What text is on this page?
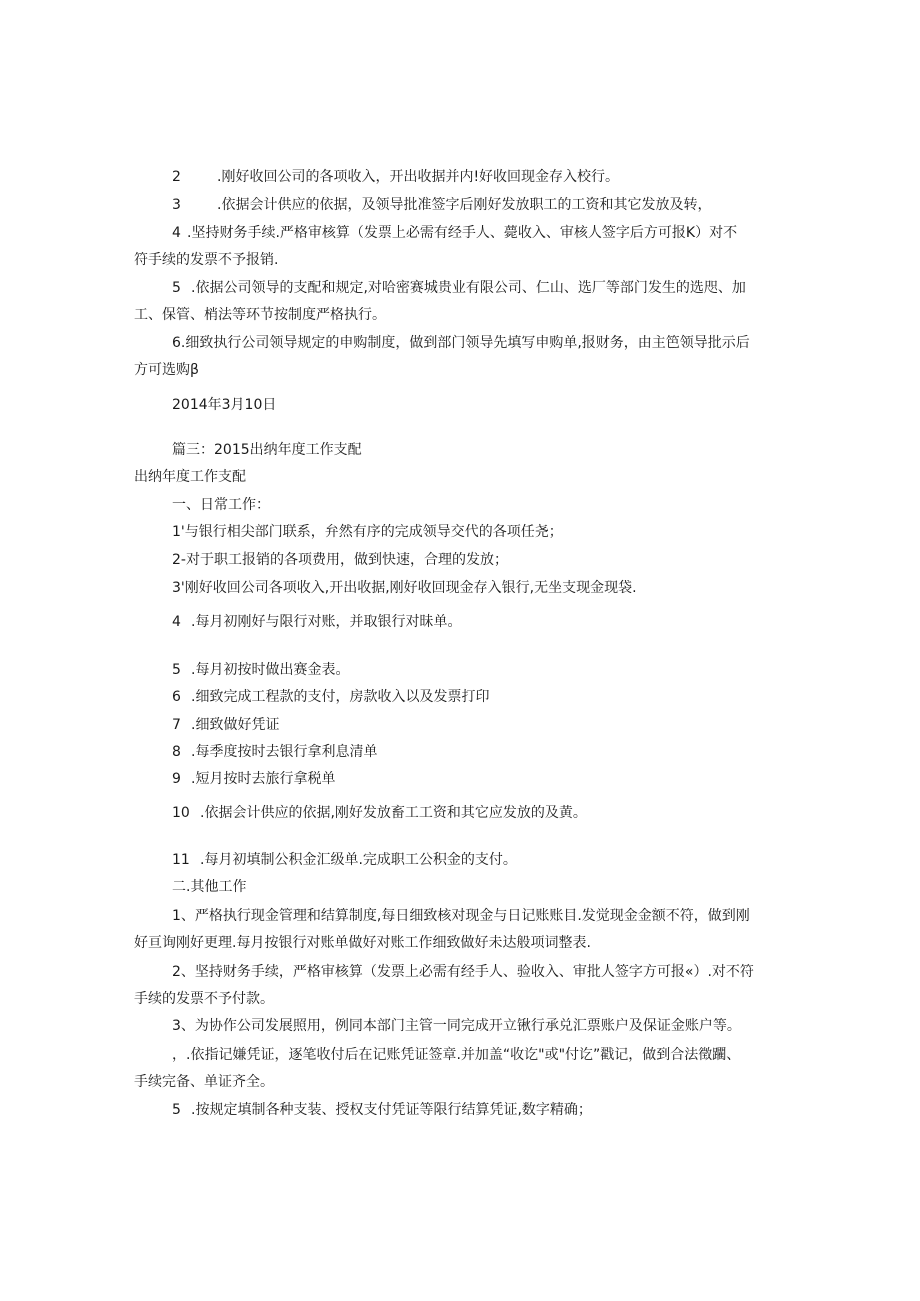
2	.刚好收回公司的各项收入，开出收据并内!好收回现金存入校行。
3	.依据会计供应的依据，及领导批准签字后刚好发放职工的工资和其它发放及转，
4 .坚持财务手续.严格审核算（发票上必需有经手人、薨收入、审核人签字后方可报K）对不
符手续的发票不予报销.
5 .依据公司领导的支配和规定,对哈密赛城贵业有限公司、仁山、选厂等部门发生的选咫、加
工、保管、梢法等环节按制度严格执行。
6.细致执行公司领导规定的申购制度，做到部门领导先填写申购单,报财务，由主笆领导批示后
方可选购β
2014年3月10日
篇三：2015出纳年度工作支配
出纳年度工作支配
一、日常工作：
1'与银行相尖部门联系，弁然有序的完成领导交代的各项任尧；
2-对于职工报销的各项费用，做到快速，合理的发放；
3'刚好收回公司各项收入,开出收据,刚好收回现金存入银行,无坐支现金现袋.
4 .每月初刚好与限行对账，并取银行对昧单。
5 .每月初按时做出赛金表。
6 .细致完成工程款的支付，房款收入以及发票打印
7 .细致做好凭证
8 .每季度按时去银行拿利息清单
9 .短月按时去旅行拿税单
10 .依据会计供应的依据,刚好发放畜工工资和其它应发放的及黄。
11 .每月初填制公积金汇级单.完成职工公积金的支付。
二.其他工作
1、严格执行现金管理和结算制度,每日细致核对现金与日记账账目.发觉现金金额不符，做到刚
好亘询刚好更理.每月按银行对账单做好对账工作细致做好未达般项词整表.
2、坚持财务手续，严格审核算（发票上必需有经手人、验收入、审批人签字方可报«）.对不符
手续的发票不予付款。
3、为协作公司发展照用，例同本部门主管一同完成开立锹行承兑汇票账户及保证金账户等。
，.依指记嫌凭证，逐笔收付后在记账凭证签章.并加盖“收讫"或"付讫”戳记，做到合法徵躙、
手续完备、单证齐全。
5 .按规定填制各种支装、授权支付凭证等限行结算凭证,数字精确；
